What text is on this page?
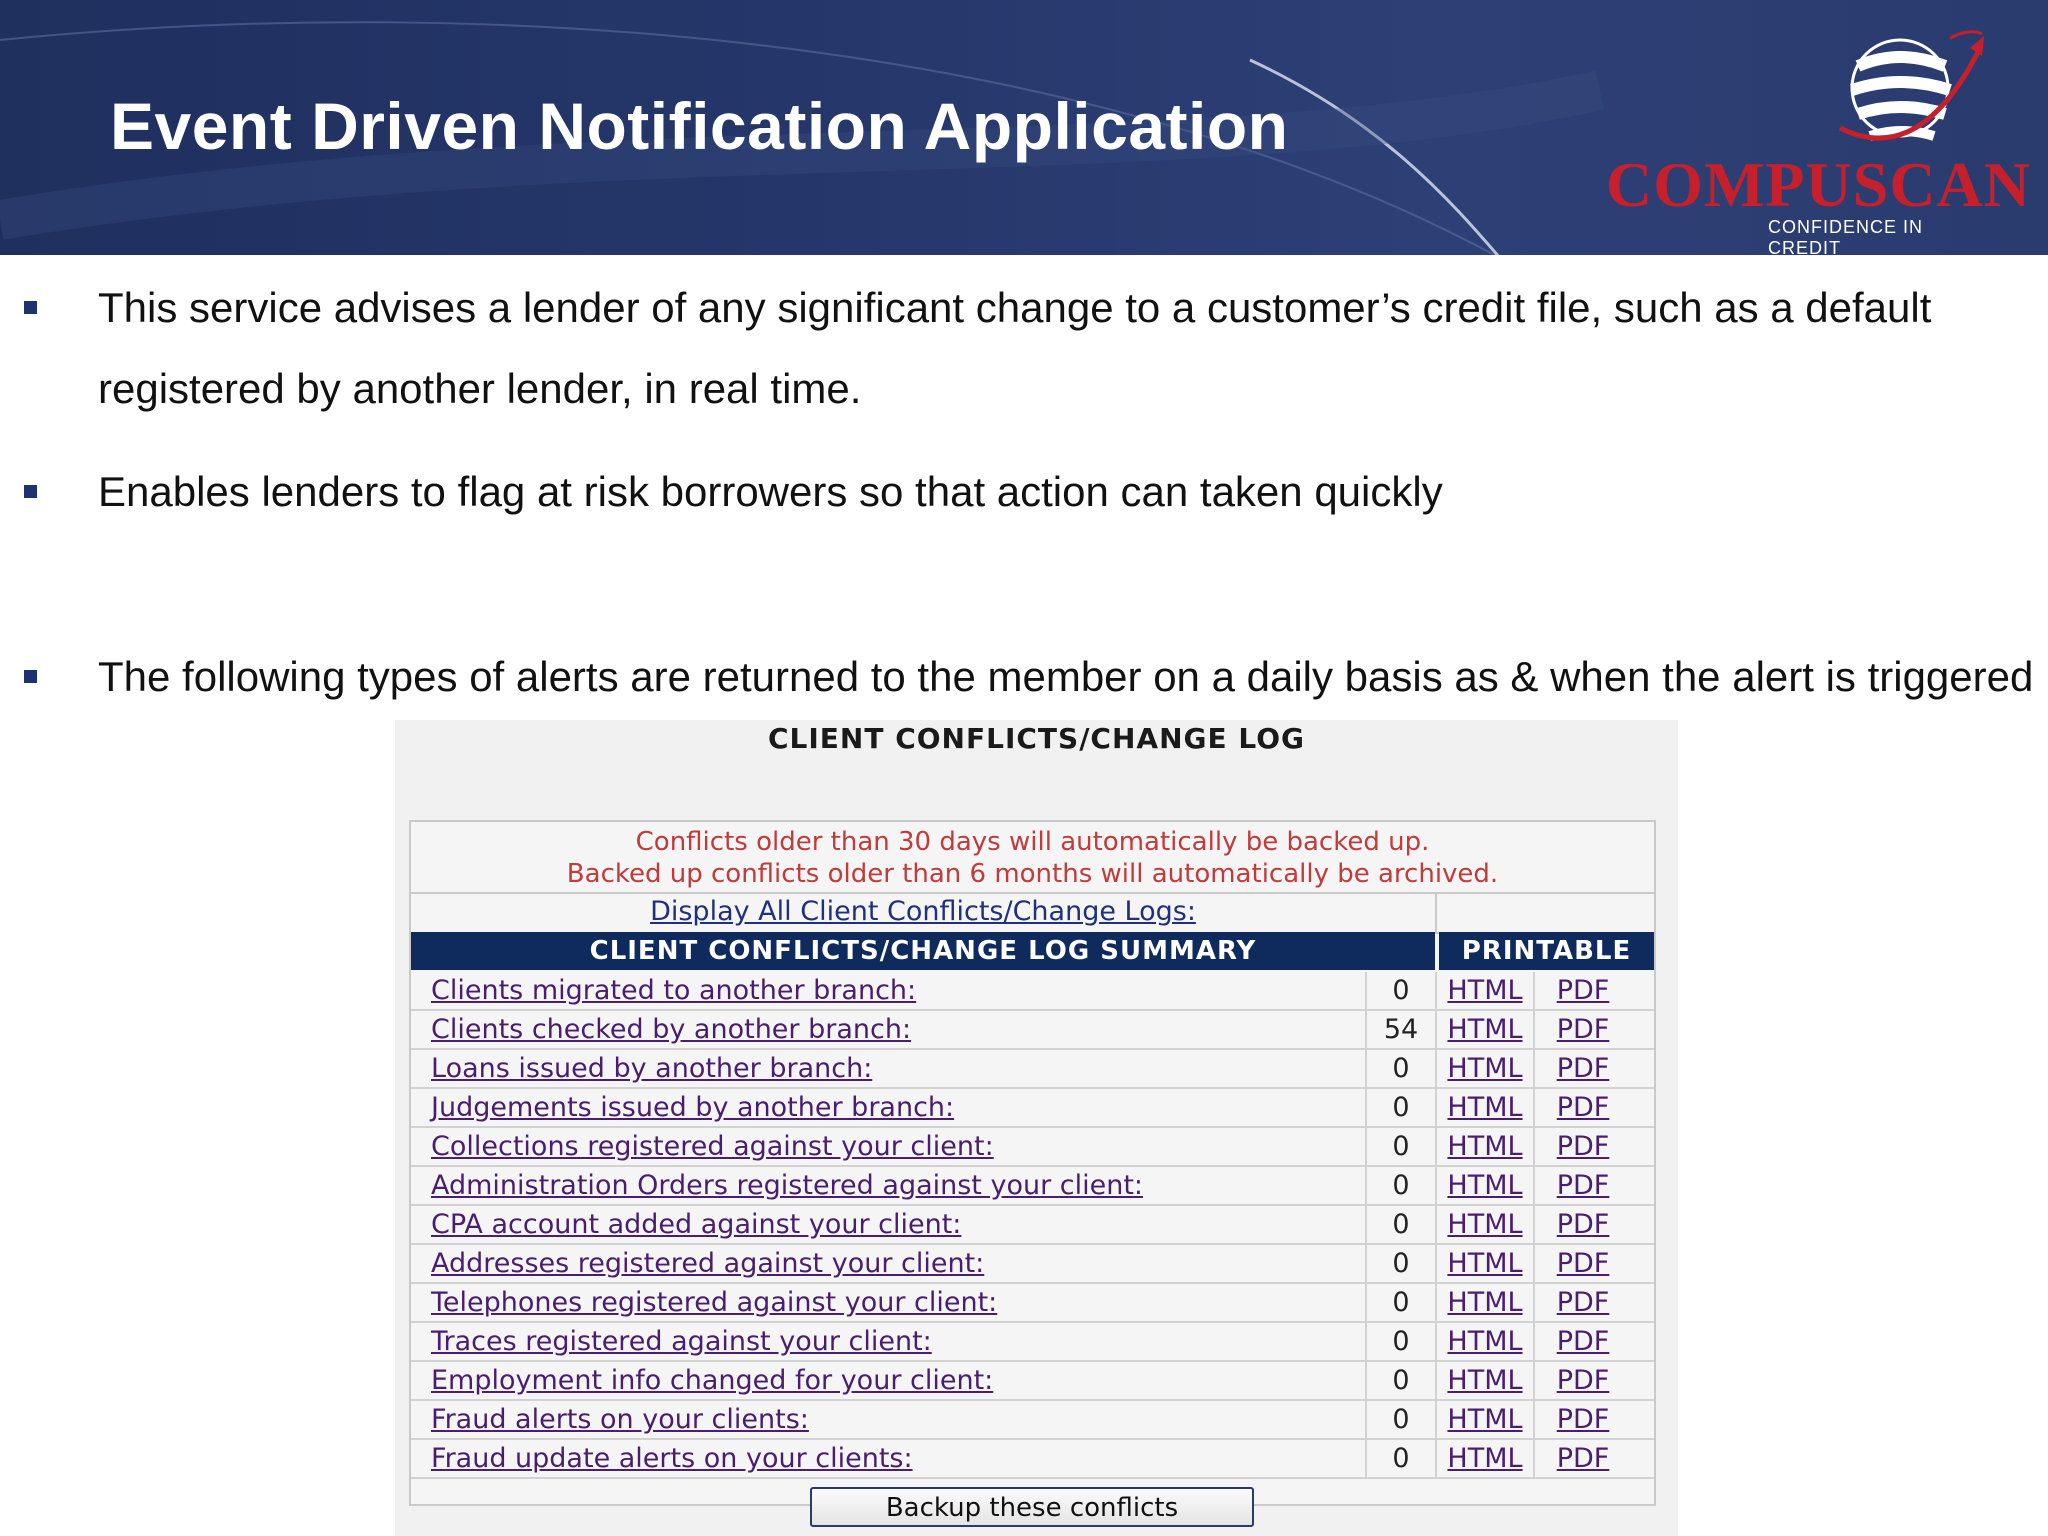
Event Driven Notification Application
COMPUSCAN
CONFIDENCE IN CREDIT
This service advises a lender of any significant change to a customer’s credit file, such as a default registered by another lender, in real time.
Enables lenders to flag at risk borrowers so that action can taken quickly
The following types of alerts are returned to the member on a daily basis as & when the alert is triggered
CLIENT CONFLICTS/CHANGE LOG
Conflicts older than 30 days will automatically be backed up.
Backed up conflicts older than 6 months will automatically be archived.
Display All Client Conflicts/Change Logs:
CLIENT CONFLICTS/CHANGE LOG SUMMARY	PRINTABLE
Clients migrated to another branch:	0	HTML	PDF
Clients checked by another branch:	54	HTML	PDF
Loans issued by another branch:	0	HTML	PDF
Judgements issued by another branch:	0	HTML	PDF
Collections registered against your client:	0	HTML	PDF
Administration Orders registered against your client:	0	HTML	PDF
CPA account added against your client:	0	HTML	PDF
Addresses registered against your client:	0	HTML	PDF
Telephones registered against your client:	0	HTML	PDF
Traces registered against your client:	0	HTML	PDF
Employment info changed for your client:	0	HTML	PDF
Fraud alerts on your clients:	0	HTML	PDF
Fraud update alerts on your clients:	0	HTML	PDF
Backup these conflicts
